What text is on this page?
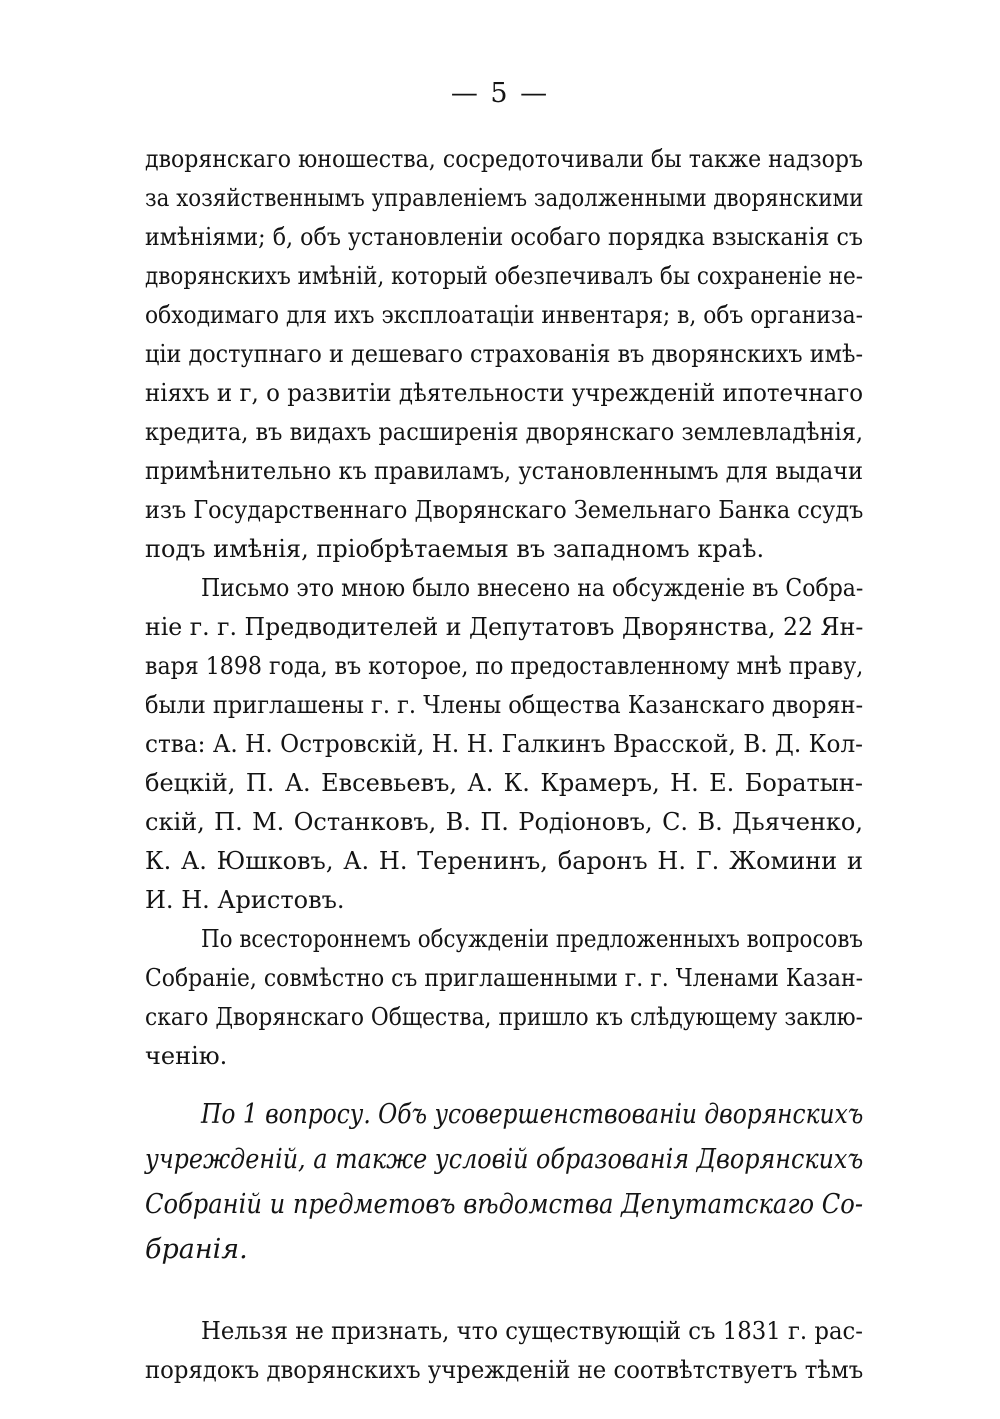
— 5 —
дворянскаго юношества, сосредоточивали бы также надзоръ
за хозяйственнымъ управленіемъ задолженными дворянскими
имѣніями; б, объ установленіи особаго порядка взысканія съ
дворянскихъ имѣній, который обезпечивалъ бы сохраненіе не-
обходимаго для ихъ эксплоатаціи инвентаря; в, объ организа-
ціи доступнаго и дешеваго страхованія въ дворянскихъ имѣ-
ніяхъ и г, о развитіи дѣятельности учрежденій ипотечнаго
кредита, въ видахъ расширенія дворянскаго землевладѣнія,
примѣнительно къ правиламъ, установленнымъ для выдачи
изъ Государственнаго Дворянскаго Земельнаго Банка ссудъ
подъ имѣнія, пріобрѣтаемыя въ западномъ краѣ.
Письмо это мною было внесено на обсужденіе въ Собра-
ніе г. г. Предводителей и Депутатовъ Дворянства, 22 Ян-
варя 1898 года, въ которое, по предоставленному мнѣ праву,
были приглашены г. г. Члены общества Казанскаго дворян-
ства: А. Н. Островскій, Н. Н. Галкинъ Врасской, В. Д. Кол-
бецкій, П. А. Евсевьевъ, А. К. Крамеръ, Н. Е. Боратын-
скій, П. М. Останковъ, В. П. Родіоновъ, С. В. Дьяченко,
К. А. Юшковъ, А. Н. Теренинъ, баронъ Н. Г. Жомини и
И. Н. Аристовъ.
По всестороннемъ обсужденіи предложенныхъ вопросовъ
Собраніе, совмѣстно съ приглашенными г. г. Членами Казан-
скаго Дворянскаго Общества, пришло къ слѣдующему заклю-
ченію.
По 1 вопросу. Объ усовершенствованіи дворянскихъ
учрежденій, а также условій образованія Дворянскихъ
Собраній и предметовъ вѣдомства Депутатскаго Со-
бранія.
Нельзя не признать, что существующій съ 1831 г. рас-
порядокъ дворянскихъ учрежденій не соотвѣтствуетъ тѣмъ
